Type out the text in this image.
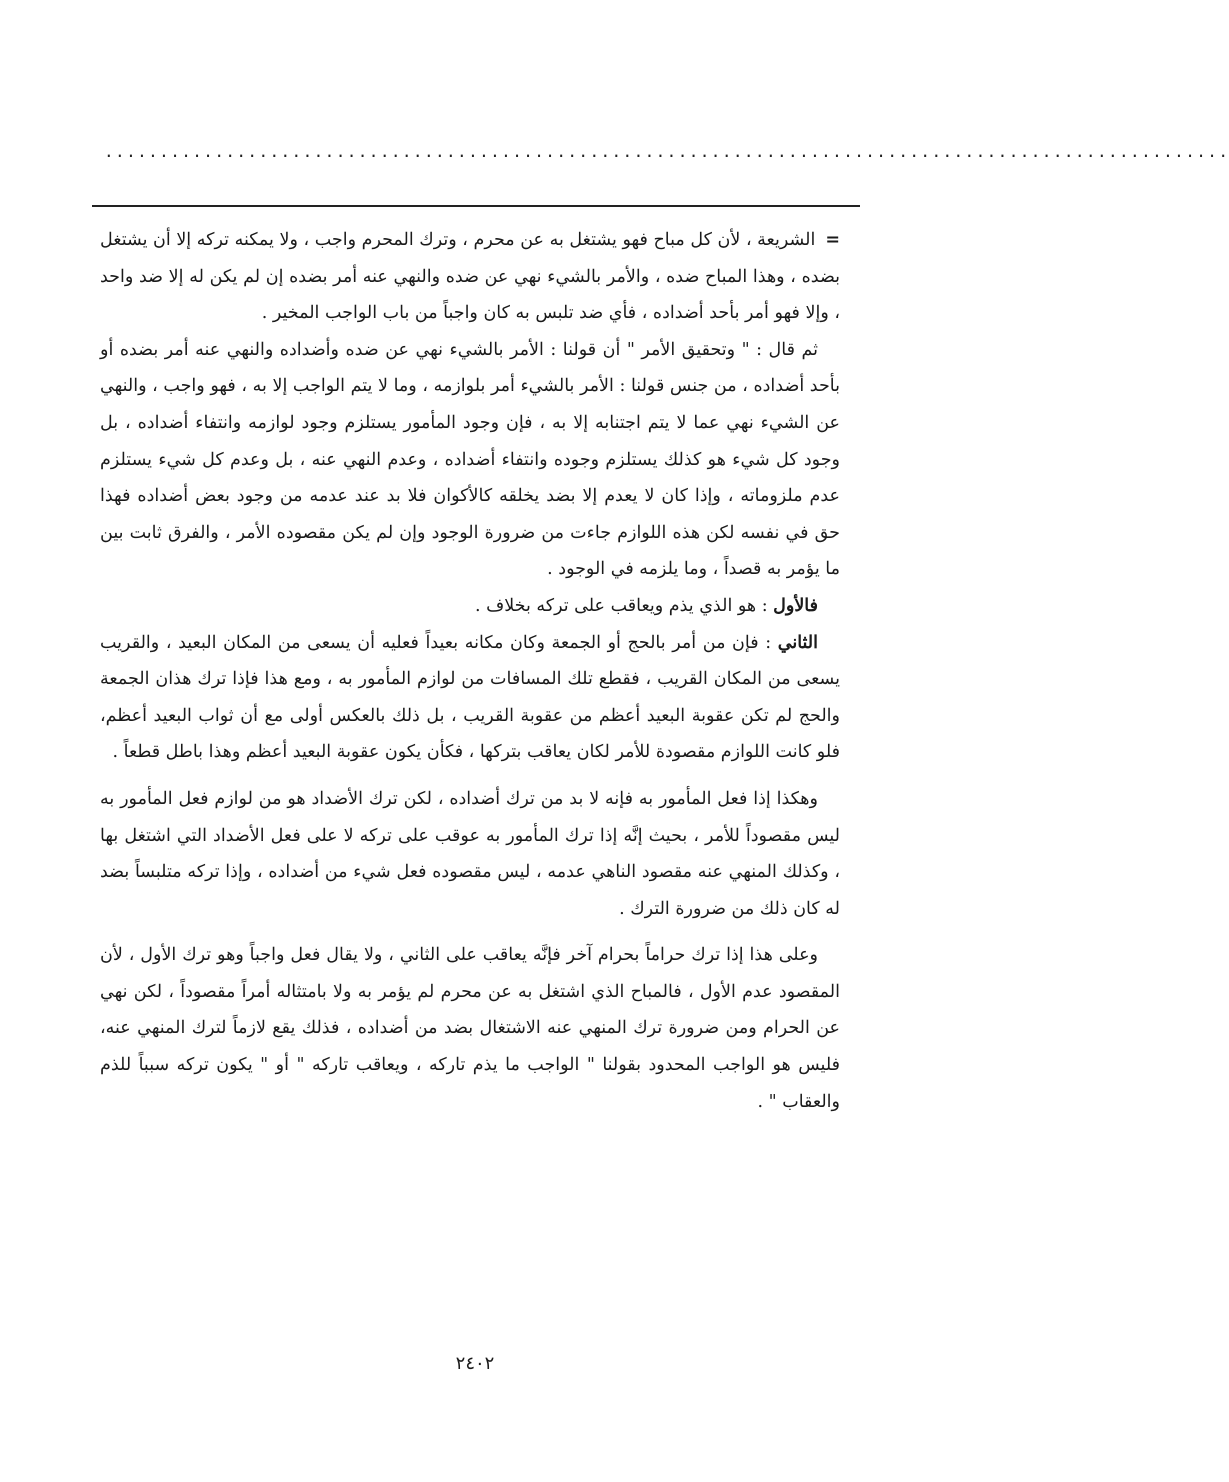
......................................................................................................

=الشريعة ، لأن كل مباح فهو يشتغل به عن محرم ، وترك المحرم واجب ، ولا يمكنه تركه إلا أن يشتغل بضده ، وهذا المباح ضده ، والأمر بالشيء نهي عن ضده والنهي عنه أمر بضده إن لم يكن له إلا ضد واحد ، وإلا فهو أمر بأحد أضداده ، فأي ضد تلبس به كان واجباً من باب الواجب المخير .

ثم قال : " وتحقيق الأمر " أن قولنا : الأمر بالشيء نهي عن ضده وأضداده والنهي عنه أمر بضده أو بأحد أضداده ، من جنس قولنا : الأمر بالشيء أمر بلوازمه ، وما لا يتم الواجب إلا به ، فهو واجب ، والنهي عن الشيء نهي عما لا يتم اجتنابه إلا به ، فإن وجود المأمور يستلزم وجود لوازمه وانتفاء أضداده ، بل وجود كل شيء هو كذلك يستلزم وجوده وانتفاء أضداده ، وعدم النهي عنه ، بل وعدم كل شيء يستلزم عدم ملزوماته ، وإذا كان لا يعدم إلا بضد يخلقه كالأكوان فلا بد عند عدمه من وجود بعض أضداده فهذا حق في نفسه لكن هذه اللوازم جاءت من ضرورة الوجود وإن لم يكن مقصوده الأمر ، والفرق ثابت بين ما يؤمر به قصداً ، وما يلزمه في الوجود .

فالأول : هو الذي يذم ويعاقب على تركه بخلاف .

الثاني : فإن من أمر بالحج أو الجمعة وكان مكانه بعيداً فعليه أن يسعى من المكان البعيد ، والقريب يسعى من المكان القريب ، فقطع تلك المسافات من لوازم المأمور به ، ومع هذا فإذا ترك هذان الجمعة والحج لم تكن عقوبة البعيد أعظم من عقوبة القريب ، بل ذلك بالعكس أولى مع أن ثواب البعيد أعظم، فلو كانت اللوازم مقصودة للأمر لكان يعاقب بتركها ، فكأن يكون عقوبة البعيد أعظم وهذا باطل قطعاً .

وهكذا إذا فعل المأمور به فإنه لا بد من ترك أضداده ، لكن ترك الأضداد هو من لوازم فعل المأمور به ليس مقصوداً للأمر ، بحيث إنَّه إذا ترك المأمور به عوقب على تركه لا على فعل الأضداد التي اشتغل بها ، وكذلك المنهي عنه مقصود الناهي عدمه ، ليس مقصوده فعل شيء من أضداده ، وإذا تركه متلبساً بضد له كان ذلك من ضرورة الترك .

وعلى هذا إذا ترك حراماً بحرام آخر فإنَّه يعاقب على الثاني ، ولا يقال فعل واجباً وهو ترك الأول ، لأن المقصود عدم الأول ، فالمباح الذي اشتغل به عن محرم لم يؤمر به ولا بامتثاله أمراً مقصوداً ، لكن نهي عن الحرام ومن ضرورة ترك المنهي عنه الاشتغال بضد من أضداده ، فذلك يقع لازماً لترك المنهي عنه، فليس هو الواجب المحدود بقولنا " الواجب ما يذم تاركه ، ويعاقب تاركه " أو " يكون تركه سبباً للذم والعقاب " .

٢٤٠٢
